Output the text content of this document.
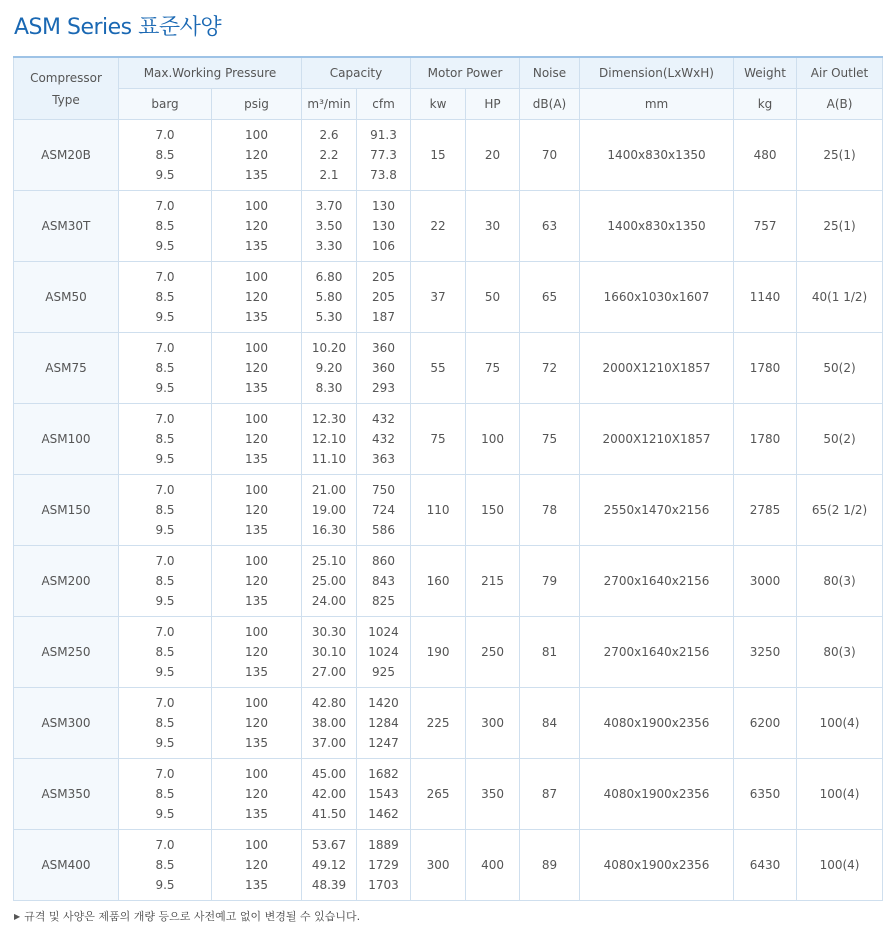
ASM Series 표준사양
Compressor
Type	Max.Working Pressure		Capacity		Motor Power		Noise	Dimension(LxWxH)	Weight	Air Outlet
	barg	psig	m³/min	cfm	kw	HP	dB(A)	mm	kg	A(B)
ASM20B	7.0
8.5
9.5	100
120
135	2.6
2.2
2.1	91.3
77.3
73.8	15	20	70	1400x830x1350	480	25(1)
ASM30T	7.0
8.5
9.5	100
120
135	3.70
3.50
3.30	130
130
106	22	30	63	1400x830x1350	757	25(1)
ASM50	7.0
8.5
9.5	100
120
135	6.80
5.80
5.30	205
205
187	37	50	65	1660x1030x1607	1140	40(1 1/2)
ASM75	7.0
8.5
9.5	100
120
135	10.20
9.20
8.30	360
360
293	55	75	72	2000X1210X1857	1780	50(2)
ASM100	7.0
8.5
9.5	100
120
135	12.30
12.10
11.10	432
432
363	75	100	75	2000X1210X1857	1780	50(2)
ASM150	7.0
8.5
9.5	100
120
135	21.00
19.00
16.30	750
724
586	110	150	78	2550x1470x2156	2785	65(2 1/2)
ASM200	7.0
8.5
9.5	100
120
135	25.10
25.00
24.00	860
843
825	160	215	79	2700x1640x2156	3000	80(3)
ASM250	7.0
8.5
9.5	100
120
135	30.30
30.10
27.00	1024
1024
925	190	250	81	2700x1640x2156	3250	80(3)
ASM300	7.0
8.5
9.5	100
120
135	42.80
38.00
37.00	1420
1284
1247	225	300	84	4080x1900x2356	6200	100(4)
ASM350	7.0
8.5
9.5	100
120
135	45.00
42.00
41.50	1682
1543
1462	265	350	87	4080x1900x2356	6350	100(4)
ASM400	7.0
8.5
9.5	100
120
135	53.67
49.12
48.39	1889
1729
1703	300	400	89	4080x1900x2356	6430	100(4)
▶ 규격 및 사양은 제품의 개량 등으로 사전예고 없이 변경될 수 있습니다.
